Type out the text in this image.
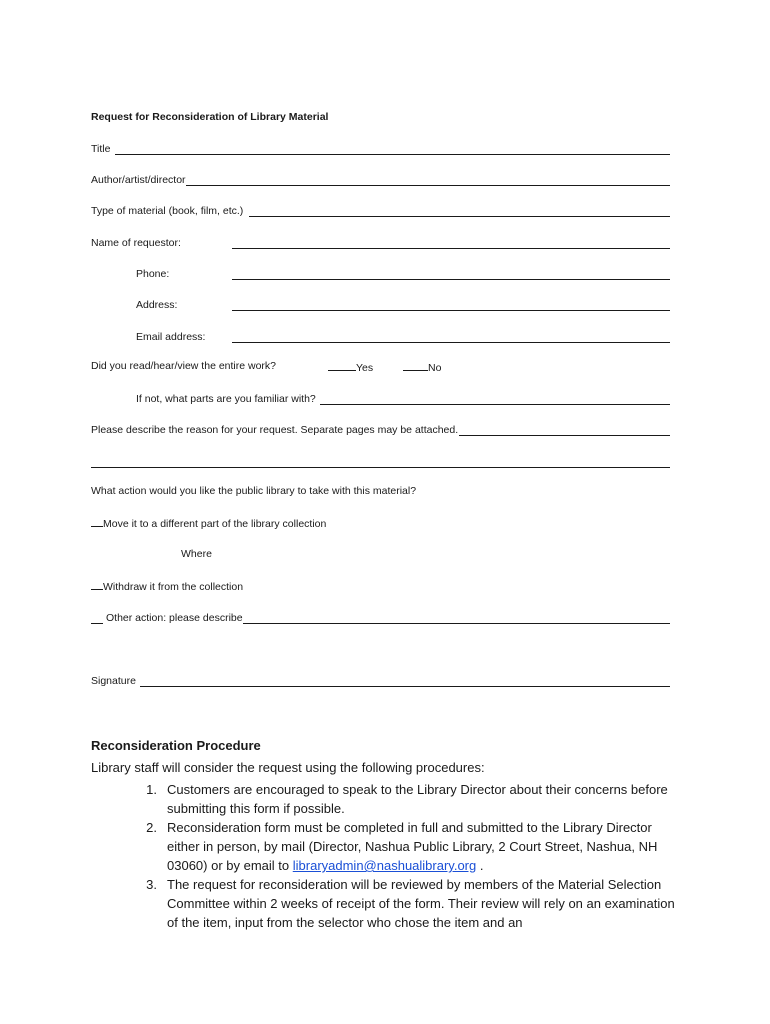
Request for Reconsideration of Library Material
Title
Author/artist/director
Type of material (book, film, etc.)
Name of requestor:
Phone:
Address:
Email address:
Did you read/hear/view the entire work?	Yes	No
If not, what parts are you familiar with?
Please describe the reason for your request. Separate pages may be attached.
What action would you like the public library to take with this material?
Move it to a different part of the library collection
Where
Withdraw it from the collection
Other action: please describe
Signature
Reconsideration Procedure
Library staff will consider the request using the following procedures:
1. Customers are encouraged to speak to the Library Director about their concerns before submitting this form if possible.
2. Reconsideration form must be completed in full and submitted to the Library Director either in person, by mail (Director, Nashua Public Library, 2 Court Street, Nashua, NH 03060) or by email to libraryadmin@nashualibrary.org .
3. The request for reconsideration will be reviewed by members of the Material Selection Committee within 2 weeks of receipt of the form. Their review will rely on an examination of the item, input from the selector who chose the item and an
